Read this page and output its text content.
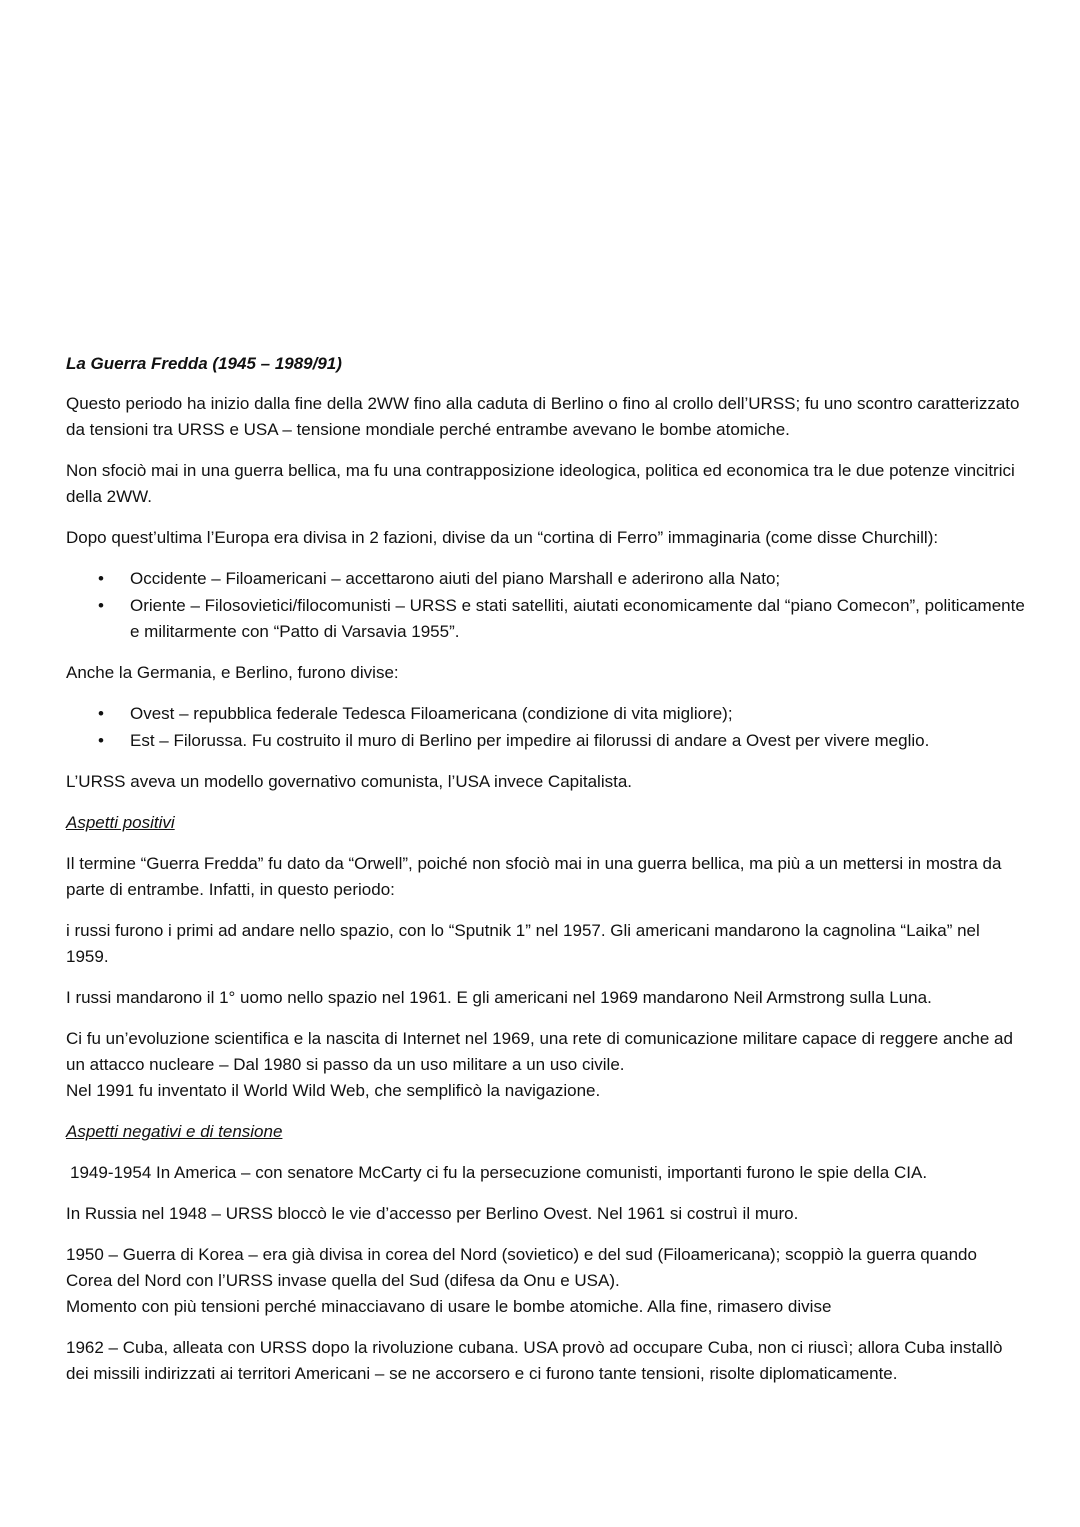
La Guerra Fredda (1945 – 1989/91)

Questo periodo ha inizio dalla fine della 2WW fino alla caduta di Berlino o fino al crollo dell’URSS; fu uno scontro caratterizzato da tensioni tra URSS e USA – tensione mondiale perché entrambe avevano le bombe atomiche.

Non sfociò mai in una guerra bellica, ma fu una contrapposizione ideologica, politica ed economica tra le due potenze vincitrici della 2WW.

Dopo quest’ultima l’Europa era divisa in 2 fazioni, divise da un “cortina di Ferro” immaginaria (come disse Churchill):

• Occidente – Filoamericani – accettarono aiuti del piano Marshall e aderirono alla Nato;
• Oriente – Filosovietici/filocomunisti – URSS e stati satelliti, aiutati economicamente dal “piano Comecon”, politicamente e militarmente con “Patto di Varsavia 1955”.

Anche la Germania, e Berlino, furono divise:

• Ovest – repubblica federale Tedesca Filoamericana (condizione di vita migliore);
• Est – Filorussa. Fu costruito il muro di Berlino per impedire ai filorussi di andare a Ovest per vivere meglio.

L’URSS aveva un modello governativo comunista, l’USA invece Capitalista.

Aspetti positivi

Il termine “Guerra Fredda” fu dato da “Orwell”, poiché non sfociò mai in una guerra bellica, ma più a un mettersi in mostra da parte di entrambe. Infatti, in questo periodo:

i russi furono i primi ad andare nello spazio, con lo “Sputnik 1” nel 1957. Gli americani mandarono la cagnolina “Laika” nel 1959.

I russi mandarono il 1° uomo nello spazio nel 1961. E gli americani nel 1969 mandarono Neil Armstrong sulla Luna.

Ci fu un’evoluzione scientifica e la nascita di Internet nel 1969, una rete di comunicazione militare capace di reggere anche ad un attacco nucleare – Dal 1980 si passo da un uso militare a un uso civile.
Nel 1991 fu inventato il World Wild Web, che semplificò la navigazione.

Aspetti negativi e di tensione

1949-1954 In America – con senatore McCarty ci fu la persecuzione comunisti, importanti furono le spie della CIA.

In Russia nel 1948 – URSS bloccò le vie d’accesso per Berlino Ovest. Nel 1961 si costruì il muro.

1950 – Guerra di Korea – era già divisa in corea del Nord (sovietico) e del sud (Filoamericana); scoppiò la guerra quando Corea del Nord con l’URSS invase quella del Sud (difesa da Onu e USA).
Momento con più tensioni perché minacciavano di usare le bombe atomiche. Alla fine, rimasero divise

1962 – Cuba, alleata con URSS dopo la rivoluzione cubana. USA provò ad occupare Cuba, non ci riuscì; allora Cuba installò dei missili indirizzati ai territori Americani – se ne accorsero e ci furono tante tensioni, risolte diplomaticamente.
